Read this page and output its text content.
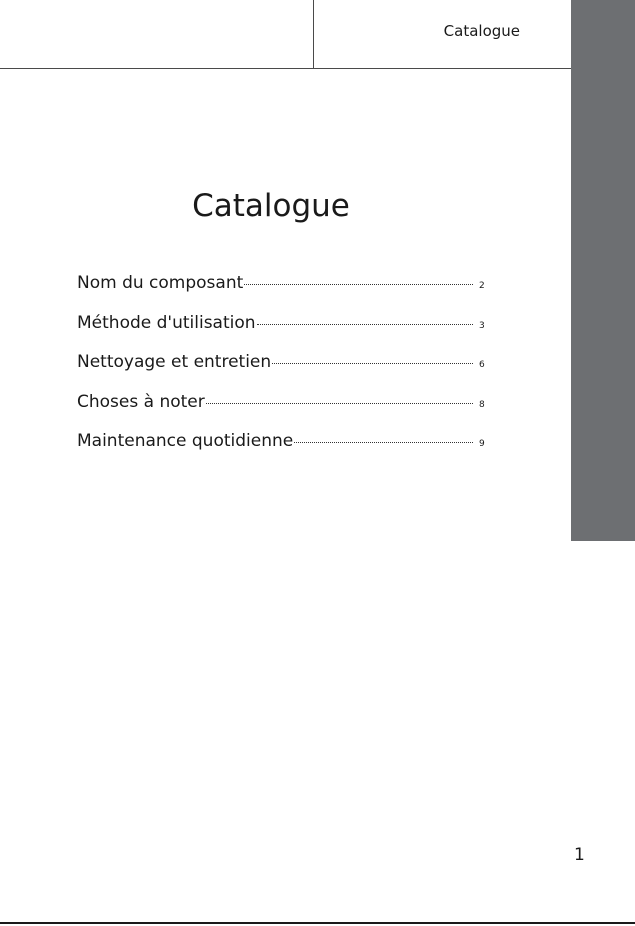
Catalogue
Catalogue
Nom du composant	2
Méthode d'utilisation	3
Nettoyage et entretien	6
Choses à noter	8
Maintenance quotidienne	9
1
